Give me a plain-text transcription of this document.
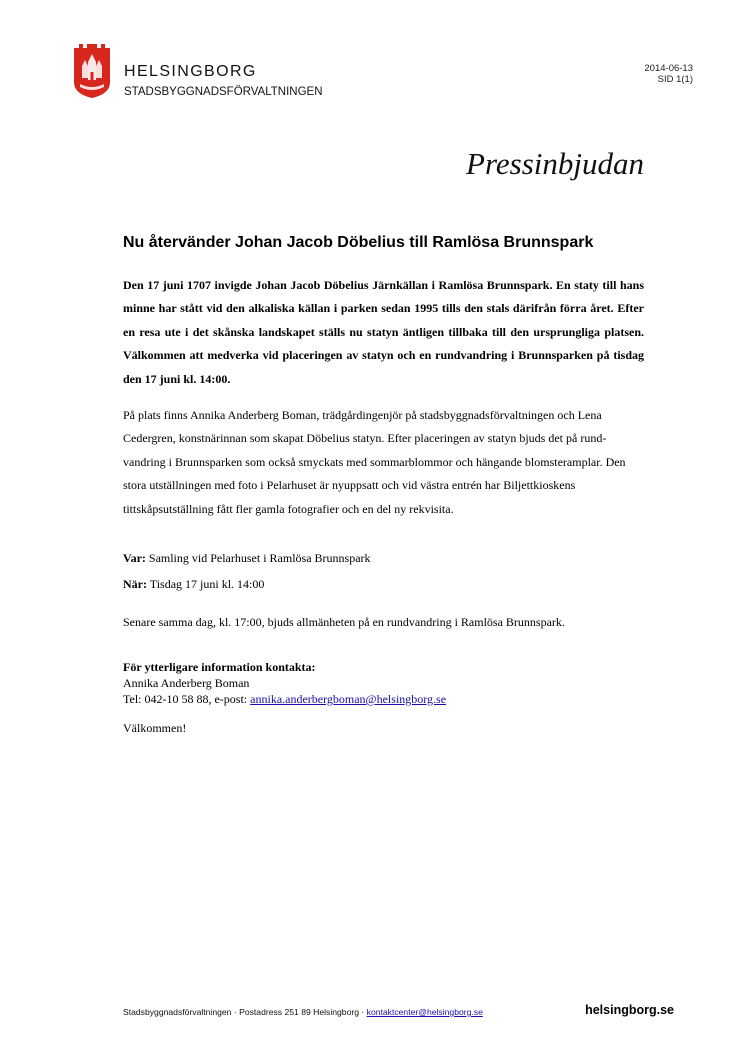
HELSINGBORG
STADSBYGGNADSFÖRVALTNINGEN
2014-06-13
SID 1(1)
Pressinbjudan
Nu återvänder Johan Jacob Döbelius till Ramlösa Brunnspark
Den 17 juni 1707 invigde Johan Jacob Döbelius Järnkällan i Ramlösa Brunnspark. En staty till hans minne har stått vid den alkaliska källan i parken sedan 1995 tills den stals därifrån förra året. Efter en resa ute i det skånska landskapet ställs nu statyn äntligen tillbaka till den ursprungliga platsen. Välkommen att medverka vid placeringen av statyn och en rundvandring i Brunnsparken på tisdag den 17 juni kl. 14:00.
På plats finns Annika Anderberg Boman, trädgårdingenjör på stadsbyggnadsförvaltningen och Lena Cedergren, konstnärinnan som skapat Döbelius statyn. Efter placeringen av statyn bjuds det på rund-vandring i Brunnsparken som också smyckats med sommarblommor och hängande blomsteramplar. Den stora utställningen med foto i Pelarhuset är nyuppsatt och vid västra entrén har Biljettkioskens tittskåpsutställning fått fler gamla fotografier och en del ny rekvisita.
Var: Samling vid Pelarhuset i Ramlösa Brunnspark
När: Tisdag 17 juni kl. 14:00
Senare samma dag, kl. 17:00, bjuds allmänheten på en rundvandring i Ramlösa Brunnspark.
För ytterligare information kontakta:
Annika Anderberg Boman
Tel: 042-10 58 88, e-post: annika.anderbergboman@helsingborg.se
Välkommen!
Stadsbyggnadsförvaltningen · Postadress 251 89 Helsingborg · kontaktcenter@helsingborg.se	helsingborg.se
